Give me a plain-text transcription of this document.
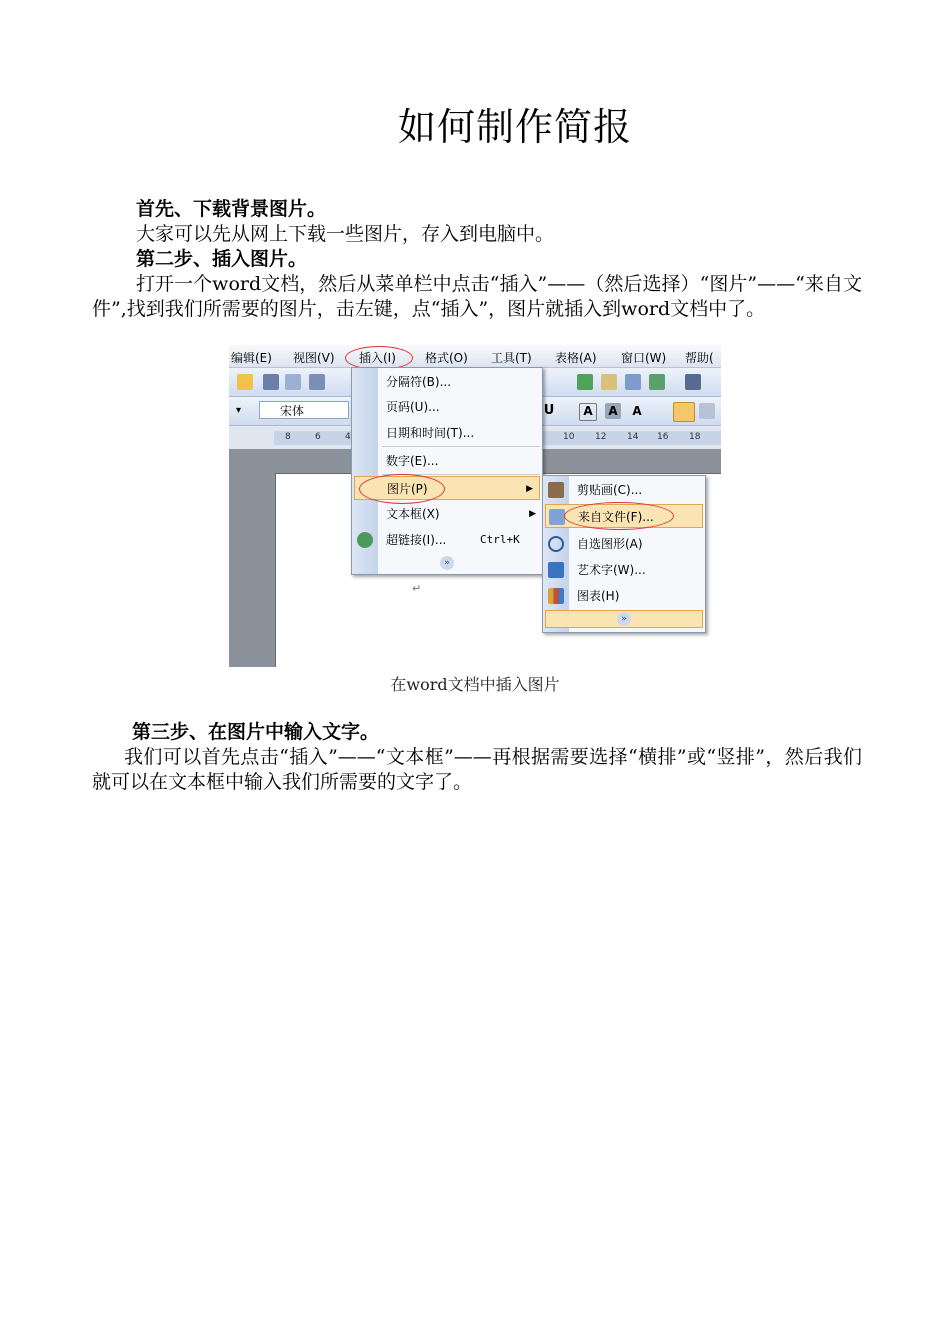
如何制作简报

首先、下载背景图片。

大家可以先从网上下载一些图片，存入到电脑中。

第二步、插入图片。

打开一个word文档，然后从菜单栏中点击“插入”——（然后选择）“图片”——“来自文件”,找到我们所需要的图片，击左键，点“插入”，图片就插入到word文档中了。

编辑(E) 视图(V) 插入(I) 格式(O) 工具(T) 表格(A) 窗口(W) 帮助(
U	A	A A
▾	宋体
8	6	4	10 12 14 16 18
↵
分隔符(B)...
页码(U)...
日期和时间(T)...
数字(E)...
图片(P)	▶
文本框(X)	▶
超链接(I)...	Ctrl+K
»
剪贴画(C)...
来自文件(F)...
自选图形(A)
艺术字(W)...
图表(H)
»
在word文档中插入图片

第三步、在图片中输入文字。

我们可以首先点击“插入”——“文本框”——再根据需要选择“横排”或“竖排”，然后我们就可以在文本框中输入我们所需要的文字了。
